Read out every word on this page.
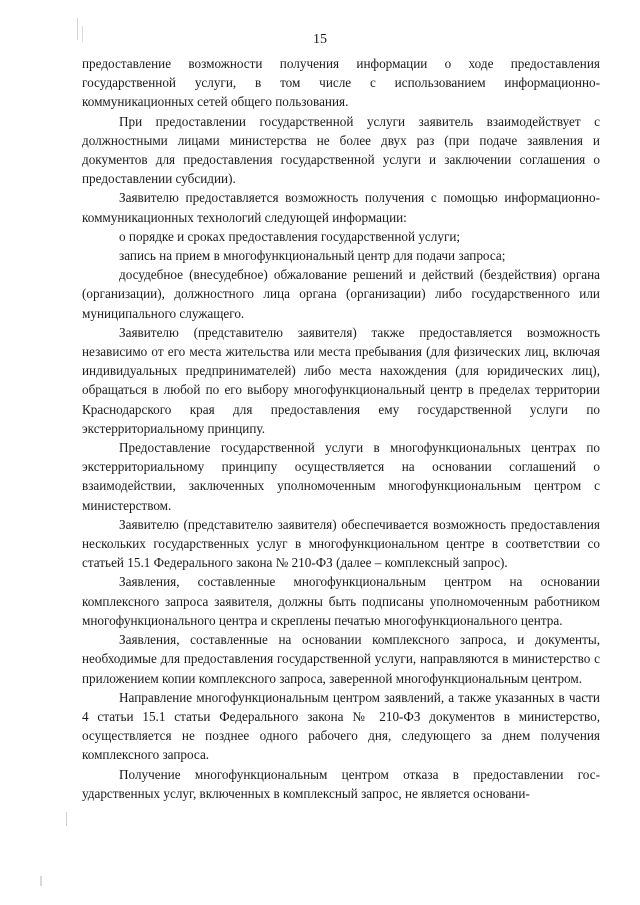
15

предоставление возможности получения информации о ходе предоставления государственной услуги, в том числе с использованием информационно-коммуникационных сетей общего пользования.

При предоставлении государственной услуги заявитель взаимодействует с должностными лицами министерства не более двух раз (при подаче заявления и документов для предоставления государственной услуги и заключении соглашения о предоставлении субсидии).

Заявителю предоставляется возможность получения с помощью информационно-коммуникационных технологий следующей информации:

о порядке и сроках предоставления государственной услуги;

запись на прием в многофункциональный центр для подачи запроса;

досудебное (внесудебное) обжалование решений и действий (бездействия) органа (организации), должностного лица органа (организации) либо государственного или муниципального служащего.

Заявителю (представителю заявителя) также предоставляется возможность независимо от его места жительства или места пребывания (для физических лиц, включая индивидуальных предпринимателей) либо места нахождения (для юридических лиц), обращаться в любой по его выбору многофункциональный центр в пределах территории Краснодарского края для предоставления ему государственной услуги по экстерриториальному принципу.

Предоставление государственной услуги в многофункциональных центрах по экстерриториальному принципу осуществляется на основании соглашений о взаимодействии, заключенных уполномоченным многофункциональным центром с министерством.

Заявителю (представителю заявителя) обеспечивается возможность предоставления нескольких государственных услуг в многофункциональном центре в соответствии со статьей 15.1 Федерального закона № 210-ФЗ (далее – комплексный запрос).

Заявления, составленные многофункциональным центром на основании комплексного запроса заявителя, должны быть подписаны уполномоченным работником многофункционального центра и скреплены печатью многофункционального центра.

Заявления, составленные на основании комплексного запроса, и документы, необходимые для предоставления государственной услуги, направляются в министерство с приложением копии комплексного запроса, заверенной многофункциональным центром.

Направление многофункциональным центром заявлений, а также указанных в части 4 статьи 15.1 статьи Федерального закона № 210-ФЗ документов в министерство, осуществляется не позднее одного рабочего дня, следующего за днем получения комплексного запроса.

Получение многофункциональным центром отказа в предоставлении государственных услуг, включенных в комплексный запрос, не является основани-
